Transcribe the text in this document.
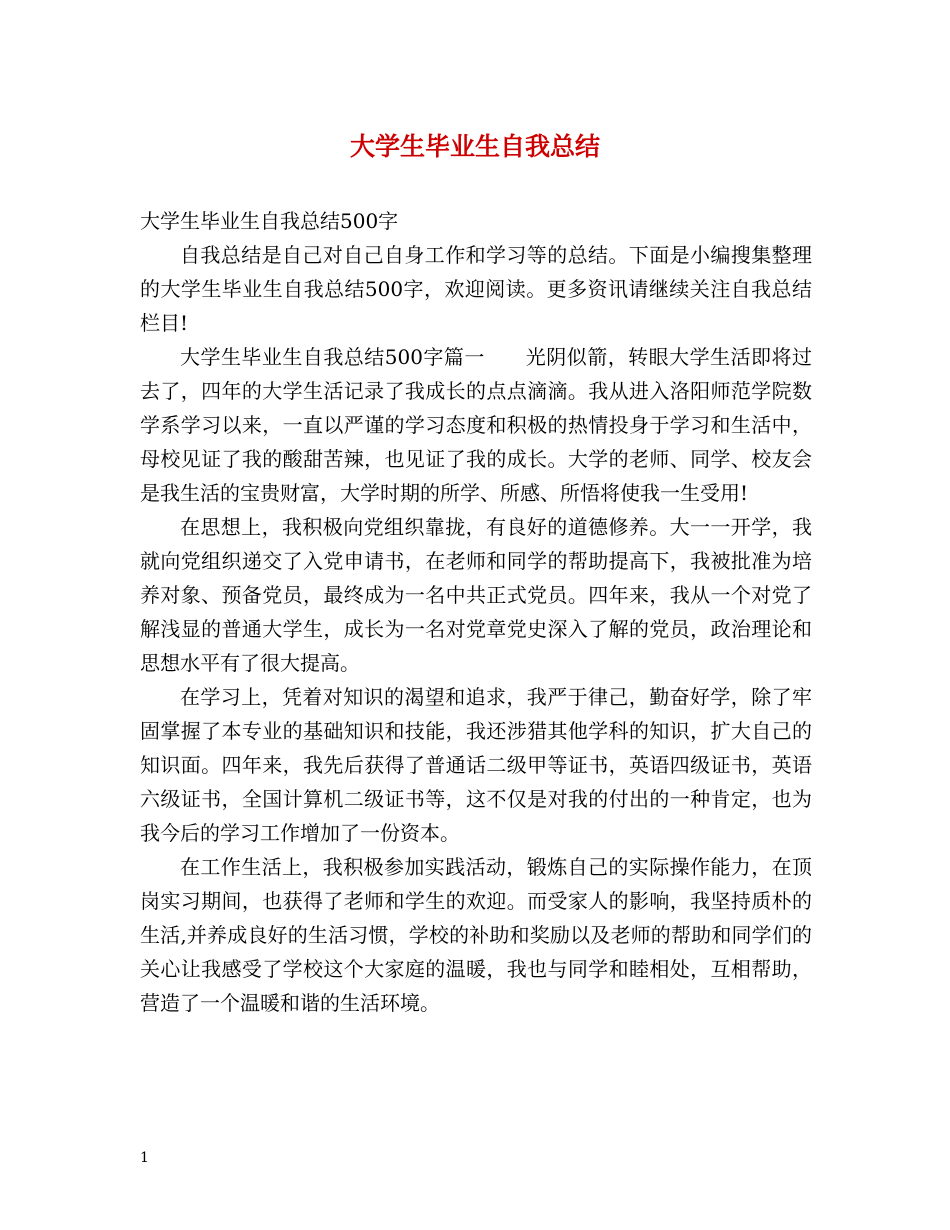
大学生毕业生自我总结

大学生毕业生自我总结500字

自我总结是自己对自己自身工作和学习等的总结。下面是小编搜集整理的大学生毕业生自我总结500字，欢迎阅读。更多资讯请继续关注自我总结栏目!

大学生毕业生自我总结500字篇一　　光阴似箭，转眼大学生活即将过去了，四年的大学生活记录了我成长的点点滴滴。我从进入洛阳师范学院数学系学习以来，一直以严谨的学习态度和积极的热情投身于学习和生活中，母校见证了我的酸甜苦辣，也见证了我的成长。大学的老师、同学、校友会是我生活的宝贵财富，大学时期的所学、所感、所悟将使我一生受用!

在思想上，我积极向党组织靠拢，有良好的道德修养。大一一开学，我就向党组织递交了入党申请书，在老师和同学的帮助提高下，我被批准为培养对象、预备党员，最终成为一名中共正式党员。四年来，我从一个对党了解浅显的普通大学生，成长为一名对党章党史深入了解的党员，政治理论和思想水平有了很大提高。

在学习上，凭着对知识的渴望和追求，我严于律己，勤奋好学，除了牢固掌握了本专业的基础知识和技能，我还涉猎其他学科的知识，扩大自己的知识面。四年来，我先后获得了普通话二级甲等证书，英语四级证书，英语六级证书，全国计算机二级证书等，这不仅是对我的付出的一种肯定，也为我今后的学习工作增加了一份资本。

在工作生活上，我积极参加实践活动，锻炼自己的实际操作能力，在顶岗实习期间，也获得了老师和学生的欢迎。而受家人的影响，我坚持质朴的生活,并养成良好的生活习惯，学校的补助和奖励以及老师的帮助和同学们的关心让我感受了学校这个大家庭的温暖，我也与同学和睦相处，互相帮助，营造了一个温暖和谐的生活环境。

1
